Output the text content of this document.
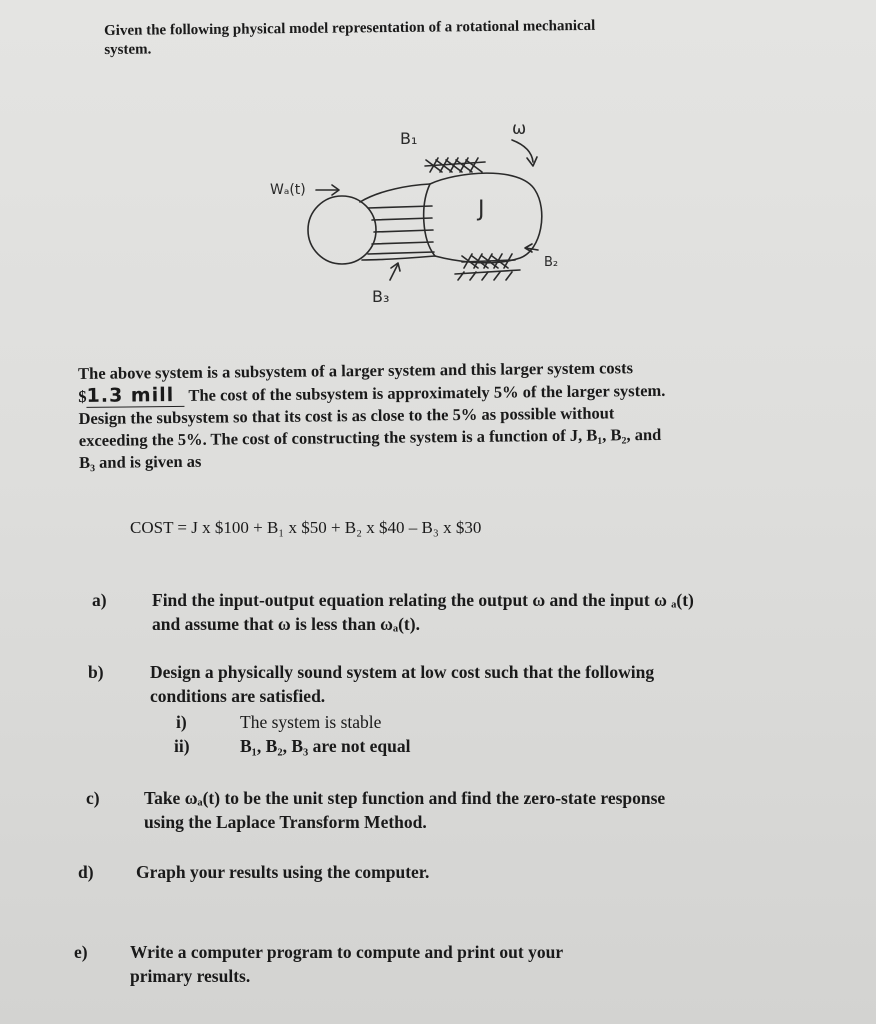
Given the following physical model representation of a rotational mechanical
system.
B₁	ω
Wₐ(t)
J
B₂
B₃
The above system is a subsystem of a larger system and this larger system costs
$1.3 mill The cost of the subsystem is approximately 5% of the larger system.
Design the subsystem so that its cost is as close to the 5% as possible without
exceeding the 5%. The cost of constructing the system is a function of J, B₁, B₂, and
B₃ and is given as
COST = J x $100 + B₁ x $50 + B₂ x $40 – B₃ x $30
a)	Find the input-output equation relating the output ω and the input ω ₐ(t)
and assume that ω is less than ωₐ(t).
b)	Design a physically sound system at low cost such that the following
conditions are satisfied.
i)	The system is stable
ii)	B₁, B₂, B₃ are not equal
c)	Take ωₐ(t) to be the unit step function and find the zero-state response
using the Laplace Transform Method.
d) Graph your results using the computer.
e) Write a computer program to compute and print out your
primary results.
